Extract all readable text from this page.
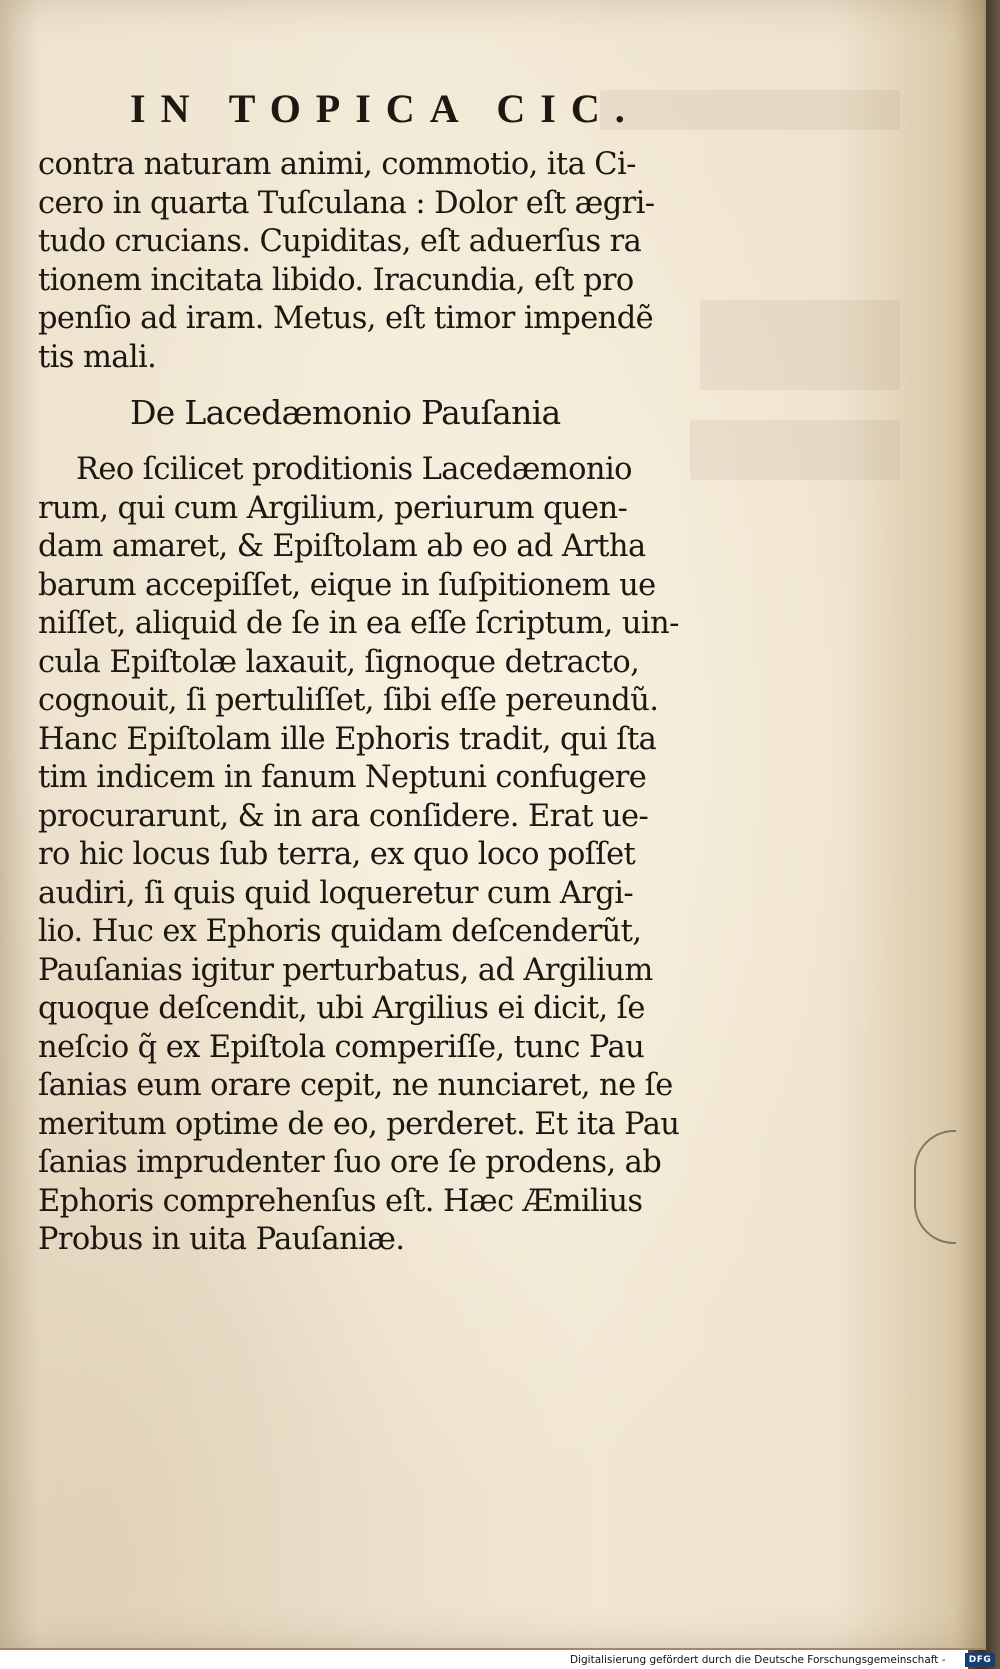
IN TOPICA CIC.
contra naturam animi, commotio, ita Ci-
cero in quarta Tuſculana : Dolor eſt ægri-
tudo crucians. Cupiditas, eſt aduerſus ra
tionem incitata libido. Iracundia, eſt pro
penſio ad iram. Metus, eſt timor impendẽ
tis mali.
De Lacedæmonio Pauſania
Reo ſcilicet proditionis Lacedæmonio
rum, qui cum Argilium, periurum quen-
dam amaret, & Epiſtolam ab eo ad Artha
barum accepiſſet, eique in ſuſpitionem ue
niſſet, aliquid de ſe in ea eſſe ſcriptum, uin-
cula Epiſtolæ laxauit, ſignoque detracto,
cognouit, ſi pertuliſſet, ſibi eſſe pereundũ.
Hanc Epiſtolam ille Ephoris tradit, qui ſta
tim indicem in fanum Neptuni confugere
procurarunt, & in ara conſidere. Erat ue-
ro hic locus ſub terra, ex quo loco poſſet
audiri, ſi quis quid loqueretur cum Argi-
lio. Huc ex Ephoris quidam deſcenderũt,
Pauſanias igitur perturbatus, ad Argilium
quoque deſcendit, ubi Argilius ei dicit, ſe
neſcio q̃ ex Epiſtola comperiſſe, tunc Pau
ſanias eum orare cepit, ne nunciaret, ne ſe
meritum optime de eo, perderet. Et ita Pau
ſanias imprudenter ſuo ore ſe prodens, ab
Ephoris comprehenſus eſt. Hæc Æmilius
Probus in uita Pauſaniæ.
Digitalisierung gefördert durch die Deutsche Forschungsgemeinschaft -	DFG
